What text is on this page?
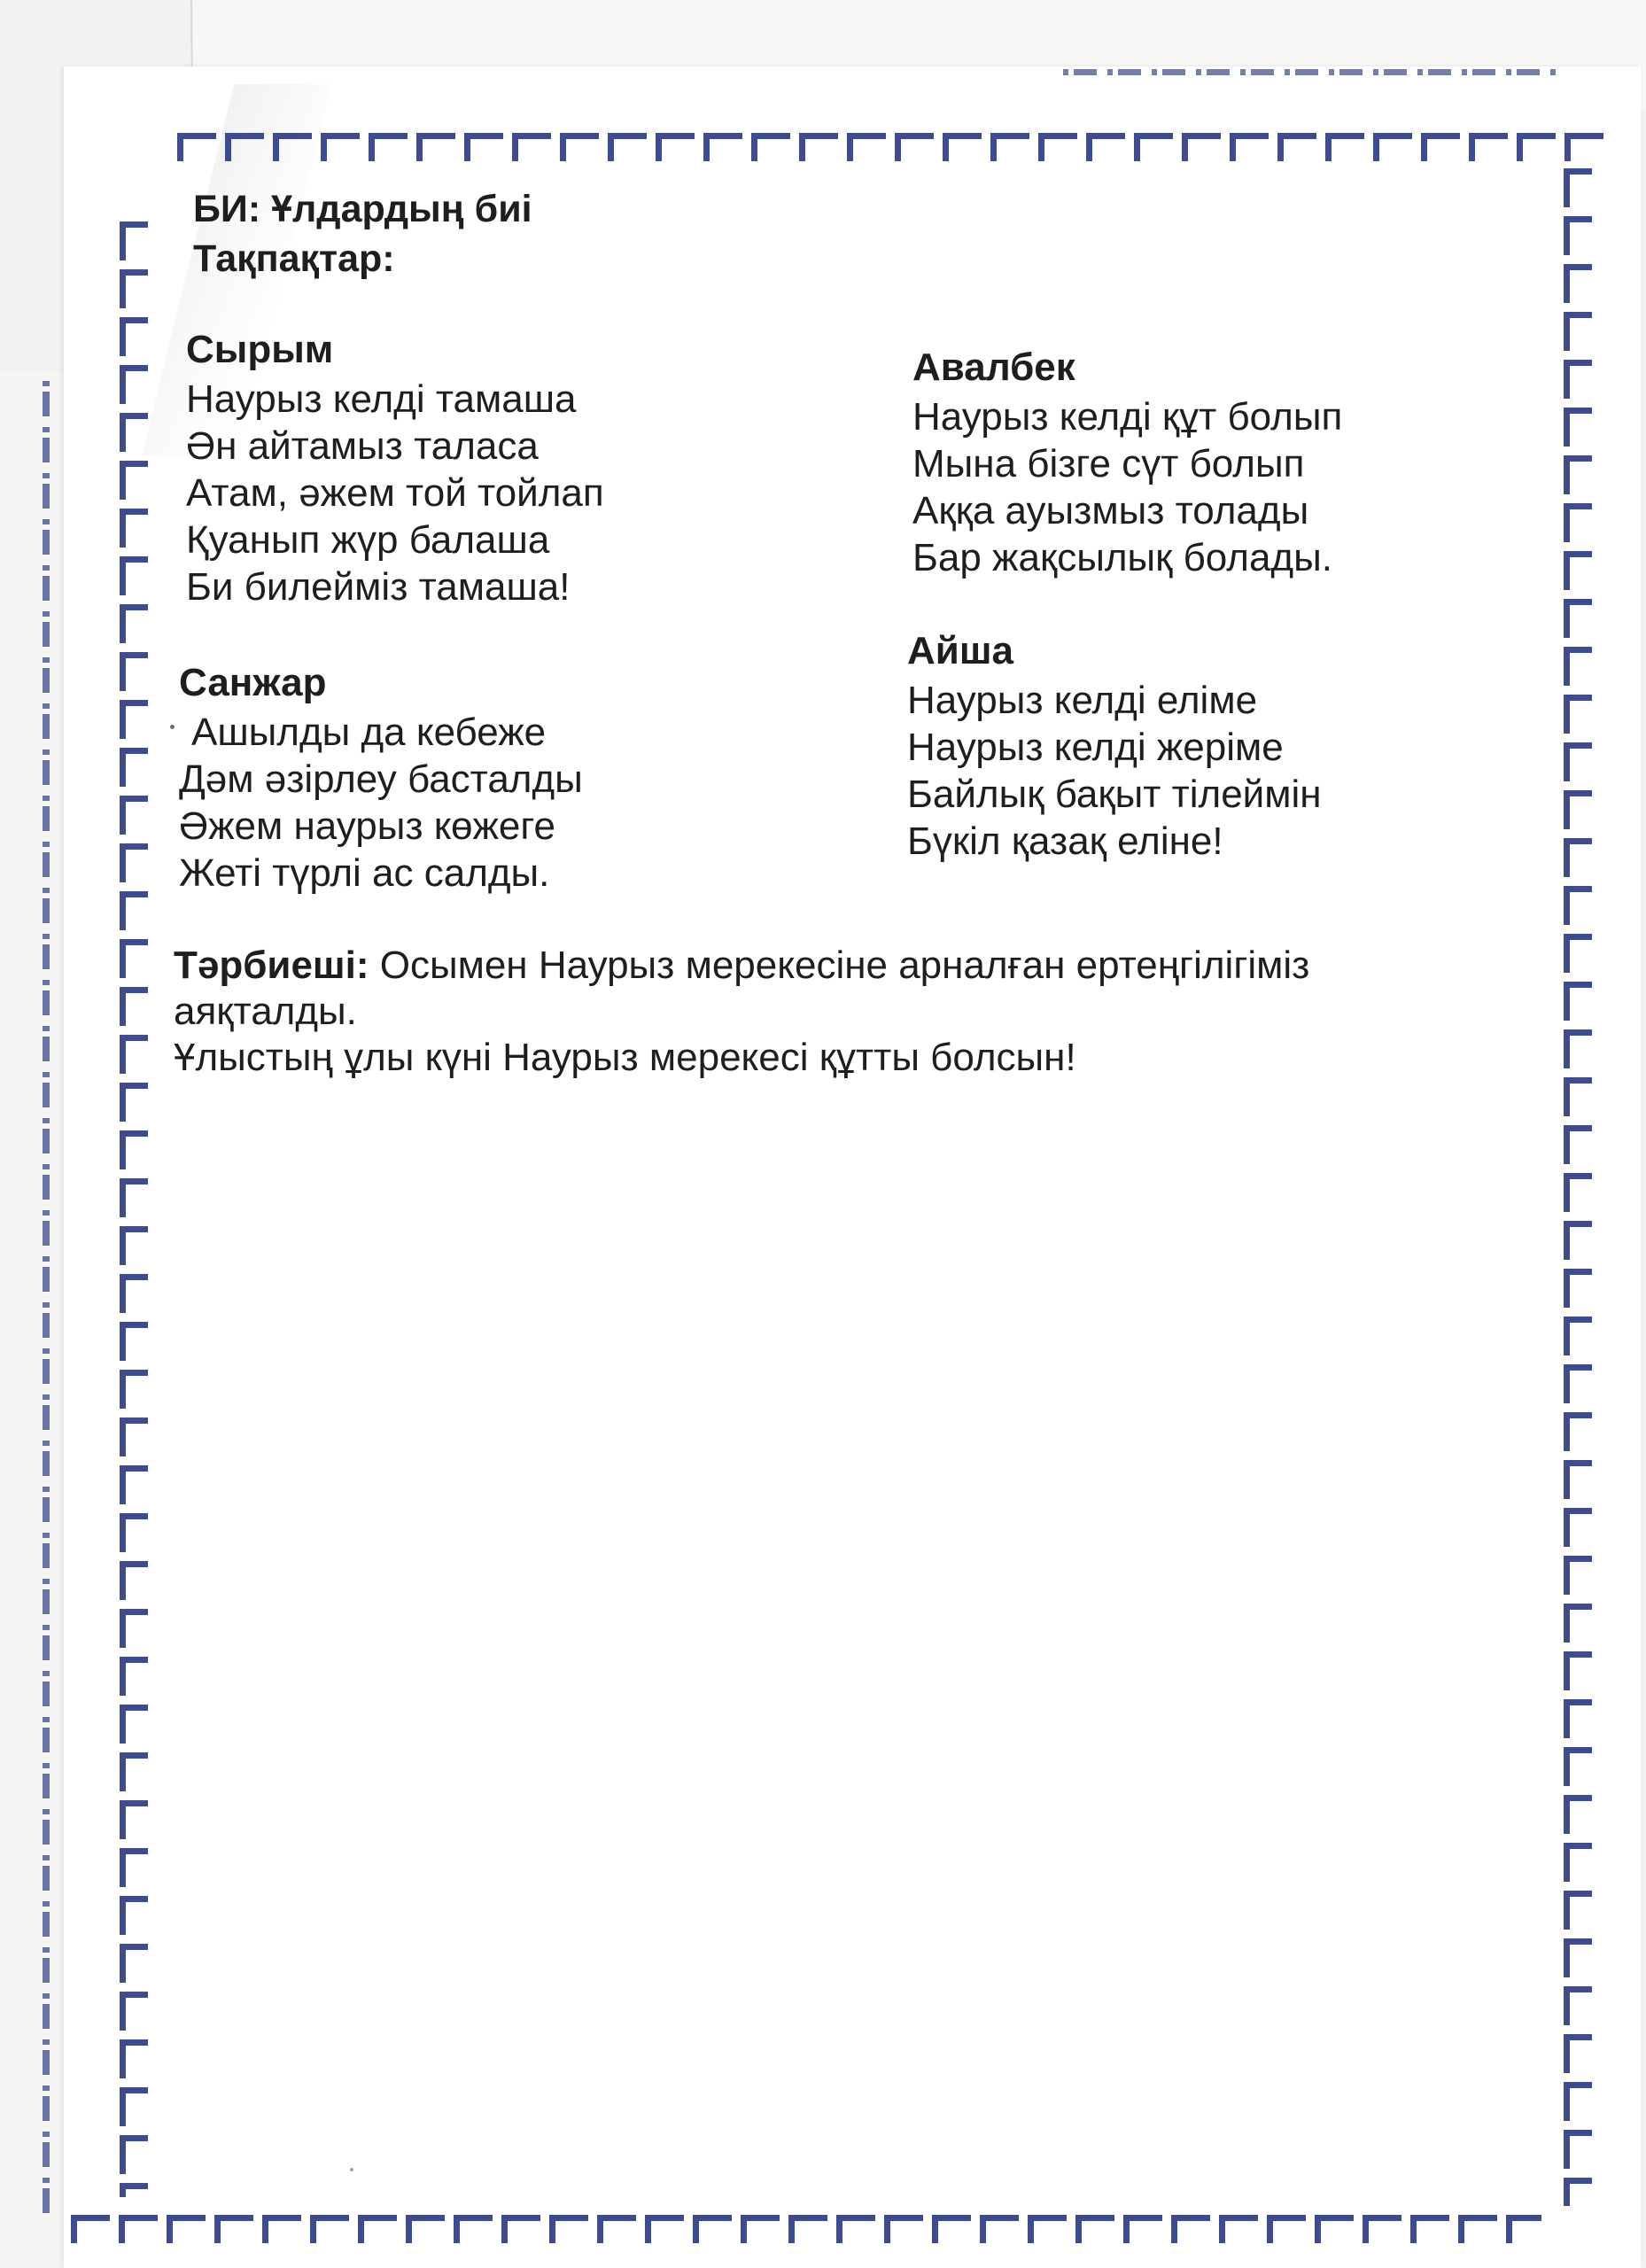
БИ: Ұлдардың биі
Тақпақтар:
Сырым
Наурыз келді тамаша
Ән айтамыз таласа
Атам, әжем той тойлап
Қуанып жүр балаша
Би билейміз тамаша!
Санжар
Ашылды да кебеже
Дәм әзірлеу басталды
Әжем наурыз көжеге
Жеті түрлі ас салды.
Авалбек
Наурыз келді құт болып
Мына бізге сүт болып
Аққа ауызмыз толады
Бар жақсылық болады.
Айша
Наурыз келді еліме
Наурыз келді жеріме
Байлық бақыт тілеймін
Бүкіл қазақ еліне!

Тәрбиеші: Осымен Наурыз мерекесіне арналған ертеңгілігіміз аяқталды.

Ұлыстың ұлы күні Наурыз мерекесі құтты болсын!
